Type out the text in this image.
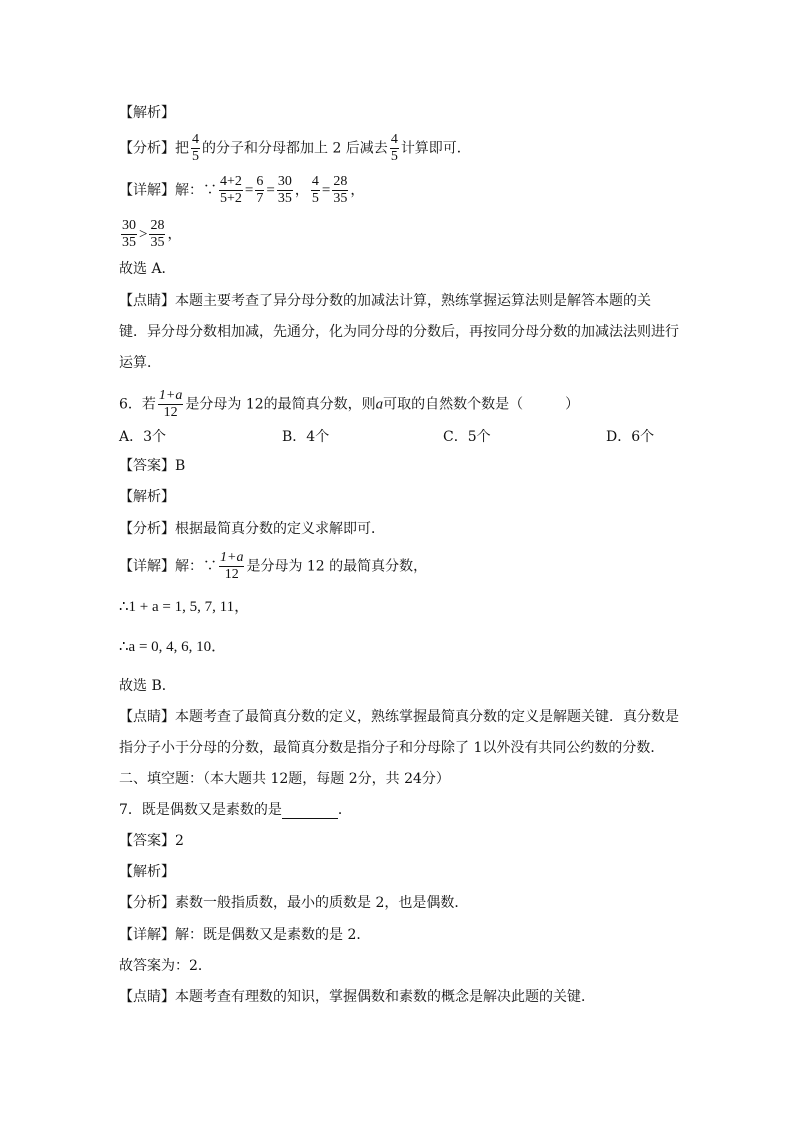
【解析】
【分析】把 $\frac{4}{5}$ 的分子和分母都加上 2 后减去 $\frac{4}{5}$ 计算即可．
【详解】解：∵ $\frac{4+2}{5+2} = \frac{6}{7} = \frac{30}{35}$ ， $\frac{4}{5} = \frac{28}{35}$ ，
$\frac{30}{35} > \frac{28}{35}$ ，
故选 A．
【点睛】本题主要考查了异分母分数的加减法计算，熟练掌握运算法则是解答本题的关
键．异分母分数相加减，先通分，化为同分母的分数后，再按同分母分数的加减法法则进行
运算．
6．若 $\frac{1+a}{12}$ 是分母为 12的最简真分数，则a可取的自然数个数是（　　　）
A．3个	B．4个	C．5个	D．6个
【答案】B
【解析】
【分析】根据最简真分数的定义求解即可．
【详解】解：∵ $\frac{1+a}{12}$ 是分母为 12 的最简真分数，
∴1 + a = 1, 5, 7, 11，
∴a = 0, 4, 6, 10．
故选 B．
【点睛】本题考查了最简真分数的定义，熟练掌握最简真分数的定义是解题关键．真分数是
指分子小于分母的分数，最简真分数是指分子和分母除了 1以外没有共同公约数的分数．
二、填空题：（本大题共 12题，每题 2分，共 24分）
7．既是偶数又是素数的是	．
【答案】2
【解析】
【分析】素数一般指质数，最小的质数是 2，也是偶数．
【详解】解：既是偶数又是素数的是 2．
故答案为：2．
【点睛】本题考查有理数的知识，掌握偶数和素数的概念是解决此题的关键．
